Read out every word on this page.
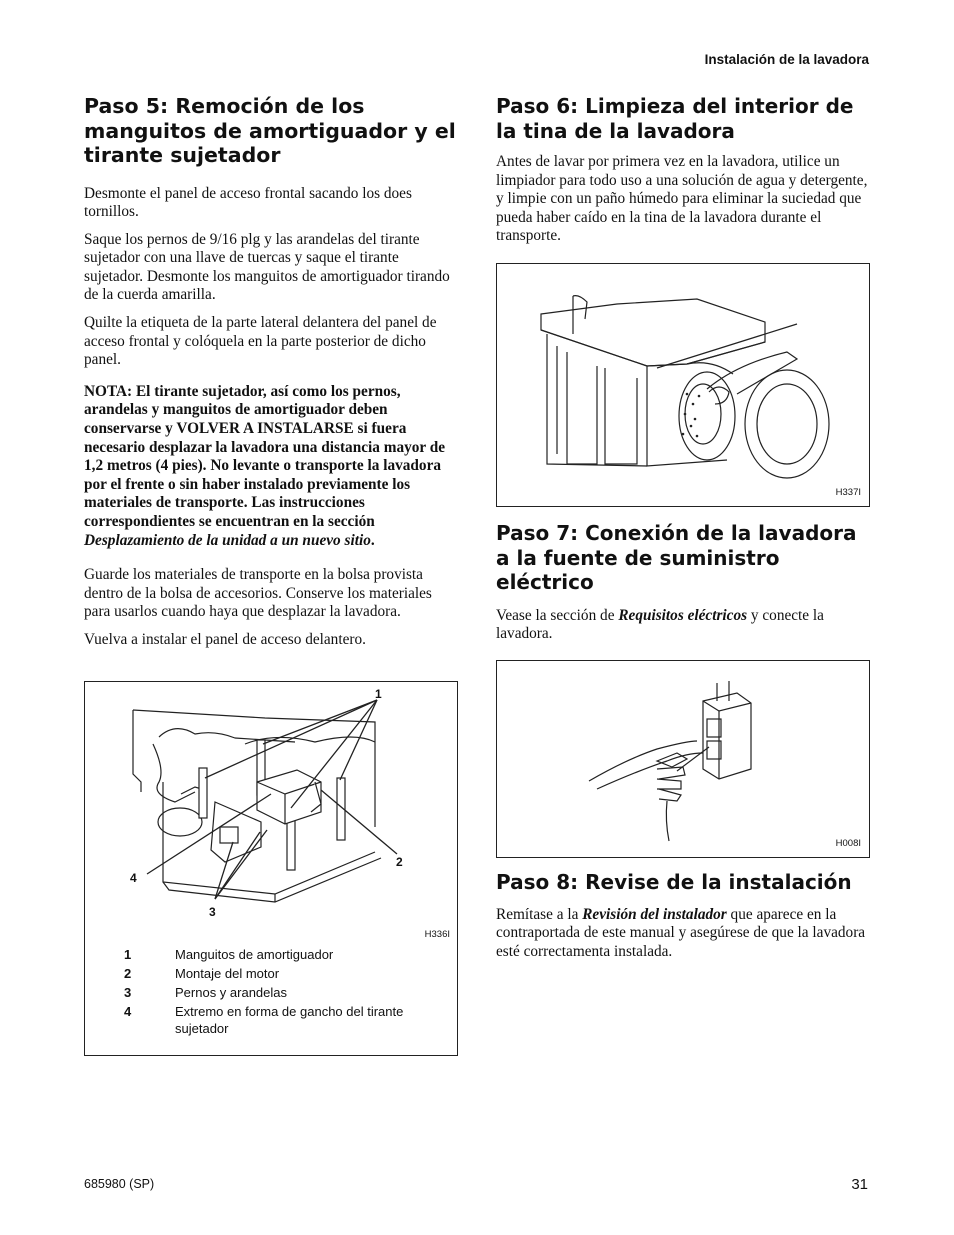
Instalación de la lavadora
Paso 5: Remoción de los manguitos de amortiguador y el tirante sujetador

Desmonte el panel de acceso frontal sacando los does tornillos.

Saque los pernos de 9/16 plg y las arandelas del tirante sujetador con una llave de tuercas y saque el tirante sujetador. Desmonte los manguitos de amortiguador tirando de la cuerda amarilla.

Quilte la etiqueta de la parte lateral delantera del panel de acceso frontal y colóquela en la parte posterior de dicho panel.

NOTA: El tirante sujetador, así como los pernos, arandelas y manguitos de amortiguador deben conservarse y VOLVER A INSTALARSE si fuera necesario desplazar la lavadora una distancia mayor de 1,2 metros (4 pies). No levante o transporte la lavadora por el frente o sin haber instalado previamente los materiales de transporte. Las instrucciones correspondientes se encuentran en la sección Desplazamiento de la unidad a un nuevo sitio.

Guarde los materiales de transporte en la bolsa provista dentro de la bolsa de accesorios. Conserve los materiales para usarlos cuando haya que desplazar la lavadora.

Vuelva a instalar el panel de acceso delantero.

1
2
3
4
H336I
1	Manguitos de amortiguador
2	Montaje del motor
3	Pernos y arandelas
4	Extremo en forma de gancho del tirante sujetador
Paso 6: Limpieza del interior de la tina de la lavadora

Antes de lavar por primera vez en la lavadora, utilice un limpiador para todo uso a una solución de agua y detergente, y limpie con un paño húmedo para eliminar la suciedad que pueda haber caído en la tina de la lavadora durante el transporte.

H337I
Paso 7: Conexión de la lavadora a la fuente de suministro eléctrico

Vease la sección de Requisitos eléctricos y conecte la lavadora.

H008I
Paso 8: Revise de la instalación

Remítase a la Revisión del instalador que aparece en la contraportada de este manual y asegúrese de que la lavadora esté correctamenta instalada.

685980 (SP)	31
